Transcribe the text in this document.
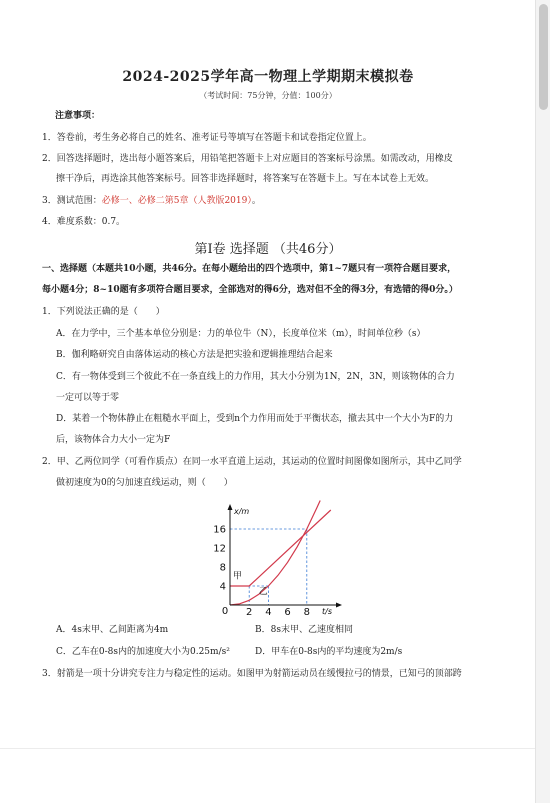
2024-2025学年高一物理上学期期末模拟卷
（考试时间：75分钟，分值：100分）
注意事项：
1．答卷前，考生务必将自己的姓名、准考证号等填写在答题卡和试卷指定位置上。
2．回答选择题时，选出每小题答案后，用铅笔把答题卡上对应题目的答案标号涂黑。如需改动，用橡皮
擦干净后，再选涂其他答案标号。回答非选择题时，将答案写在答题卡上。写在本试卷上无效。
3．测试范围：必修一、必修二第5章（人教版2019）。
4．难度系数：0.7。
第Ⅰ卷 选择题 （共46分）
一、选择题（本题共10小题，共46分。在每小题给出的四个选项中，第1~7题只有一项符合题目要求，
每小题4分；8~10题有多项符合题目要求，全部选对的得6分，选对但不全的得3分，有选错的得0分。）
1．下列说法正确的是（　　）
A．在力学中，三个基本单位分别是：力的单位牛（N），长度单位米（m），时间单位秒（s）
B．伽利略研究自由落体运动的核心方法是把实验和逻辑推理结合起来
C．有一物体受到三个彼此不在一条直线上的力作用，其大小分别为1N，2N，3N，则该物体的合力
一定可以等于零
D．某着一个物体静止在粗糙水平面上，受到n个力作用而处于平衡状态，撤去其中一个大小为F的力
后，该物体合力大小一定为F
2．甲、乙两位同学（可看作质点）在同一水平直道上运动，其运动的位置时间图像如图所示，其中乙同学
做初速度为0的匀加速直线运动，则（　　）
4
8
12
16
0 2 4 6 8
x/m
t/s
甲
乙
A．4s末甲、乙间距离为4m	B．8s末甲、乙速度相同
C．乙车在0-8s内的加速度大小为0.25m/s²	D．甲车在0-8s内的平均速度为2m/s
3．射箭是一项十分讲究专注力与稳定性的运动。如图甲为射箭运动员在缓慢拉弓的情景，已知弓的顶部跨
